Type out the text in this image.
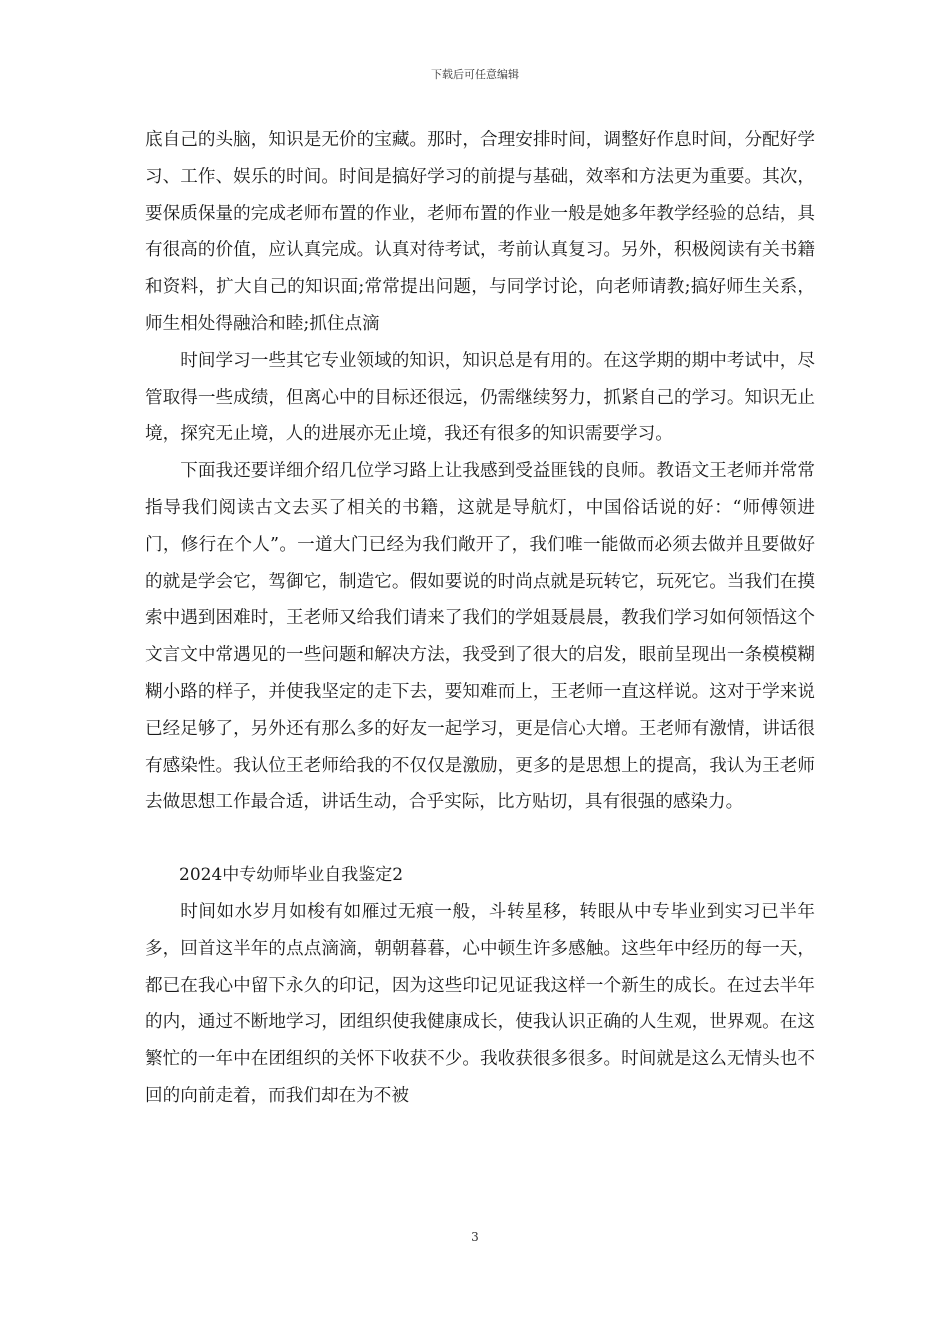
下载后可任意编辑

底自己的头脑，知识是无价的宝藏。那时，合理安排时间，调整好作息时间，分配好学习、工作、娱乐的时间。时间是搞好学习的前提与基础，效率和方法更为重要。其次，要保质保量的完成老师布置的作业，老师布置的作业一般是她多年教学经验的总结，具有很高的价值，应认真完成。认真对待考试，考前认真复习。另外，积极阅读有关书籍和资料，扩大自己的知识面;常常提出问题，与同学讨论，向老师请教;搞好师生关系，师生相处得融洽和睦;抓住点滴

时间学习一些其它专业领域的知识，知识总是有用的。在这学期的期中考试中，尽管取得一些成绩，但离心中的目标还很远，仍需继续努力，抓紧自己的学习。知识无止境，探究无止境，人的进展亦无止境，我还有很多的知识需要学习。

下面我还要详细介绍几位学习路上让我感到受益匪钱的良师。教语文王老师并常常指导我们阅读古文去买了相关的书籍，这就是导航灯，中国俗话说的好：“师傅领进门，修行在个人”。一道大门已经为我们敞开了，我们唯一能做而必须去做并且要做好的就是学会它，驾御它，制造它。假如要说的时尚点就是玩转它，玩死它。当我们在摸索中遇到困难时，王老师又给我们请来了我们的学姐聂晨晨，教我们学习如何领悟这个文言文中常遇见的一些问题和解决方法，我受到了很大的启发，眼前呈现出一条模模糊糊小路的样子，并使我坚定的走下去，要知难而上，王老师一直这样说。这对于学来说已经足够了，另外还有那么多的好友一起学习，更是信心大增。王老师有激情，讲话很有感染性。我认位王老师给我的不仅仅是激励，更多的是思想上的提高，我认为王老师去做思想工作最合适，讲话生动，合乎实际，比方贴切，具有很强的感染力。

2024中专幼师毕业自我鉴定2

时间如水岁月如梭有如雁过无痕一般，斗转星移，转眼从中专毕业到实习已半年多，回首这半年的点点滴滴，朝朝暮暮，心中顿生许多感触。这些年中经历的每一天，都已在我心中留下永久的印记，因为这些印记见证我这样一个新生的成长。在过去半年的内，通过不断地学习，团组织使我健康成长，使我认识正确的人生观，世界观。在这繁忙的一年中在团组织的关怀下收获不少。我收获很多很多。时间就是这么无情头也不回的向前走着，而我们却在为不被

3
